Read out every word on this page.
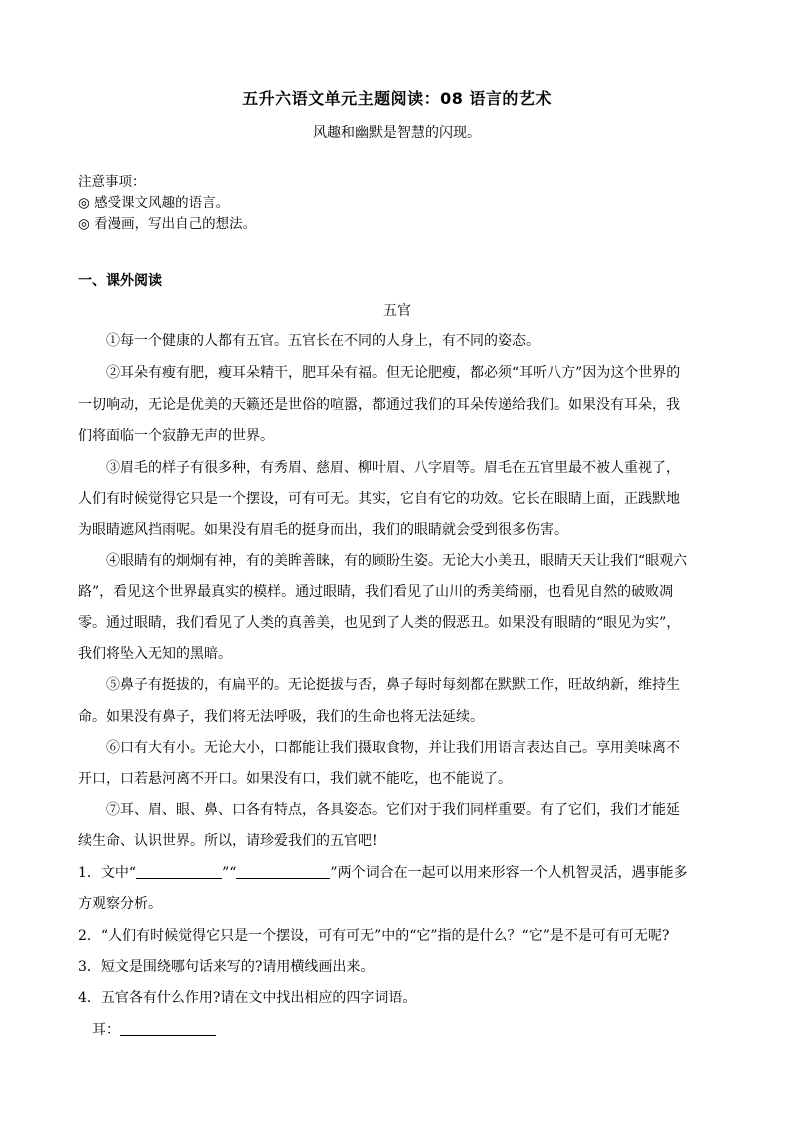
五升六语文单元主题阅读：08 语言的艺术
风趣和幽默是智慧的闪现。
注意事项：
◎ 感受课文风趣的语言。
◎ 看漫画，写出自己的想法。
一、课外阅读
五官
①每一个健康的人都有五官。五官长在不同的人身上，有不同的姿态。
②耳朵有瘦有肥，瘦耳朵精干，肥耳朵有福。但无论肥瘦，都必须“耳听八方”因为这个世界的
一切响动，无论是优美的天籁还是世俗的喧嚣，都通过我们的耳朵传递给我们。如果没有耳朵，我
们将面临一个寂静无声的世界。
③眉毛的样子有很多种，有秀眉、慈眉、柳叶眉、八字眉等。眉毛在五官里最不被人重视了，
人们有时候觉得它只是一个摆设，可有可无。其实，它自有它的功效。它长在眼睛上面，正践默地
为眼睛遮风挡雨呢。如果没有眉毛的挺身而出，我们的眼睛就会受到很多伤害。
④眼睛有的炯炯有神，有的美眸善睐，有的顾盼生姿。无论大小美丑，眼睛天天让我们“眼观六
路”，看见这个世界最真实的模样。通过眼睛，我们看见了山川的秀美绮丽，也看见自然的破败凋
零。通过眼睛，我们看见了人类的真善美，也见到了人类的假恶丑。如果没有眼睛的“眼见为实”，
我们将坠入无知的黑暗。
⑤鼻子有挺拔的，有扁平的。无论挺拔与否，鼻子每时每刻都在默默工作，旺故纳新，维持生
命。如果没有鼻子，我们将无法呼吸，我们的生命也将无法延续。
⑥口有大有小。无论大小，口都能让我们摄取食物，并让我们用语言表达自己。享用美味离不
开口，口若悬河离不开口。如果没有口，我们就不能吃，也不能说了。
⑦耳、眉、眼、鼻、口各有特点，各具姿态。它们对于我们同样重要。有了它们，我们才能延
续生命、认识世界。所以，请珍爱我们的五官吧!
1．文中“	”“	”两个词合在一起可以用来形容一个人机智灵活，遇事能多
方观察分析。
2．“人们有时候觉得它只是一个摆设，可有可无”中的“它”指的是什么？“它”是不是可有可无呢?
3．短文是围绕哪句话来写的?请用横线画出来。
4．五官各有什么作用?请在文中找出相应的四字词语。
耳：
